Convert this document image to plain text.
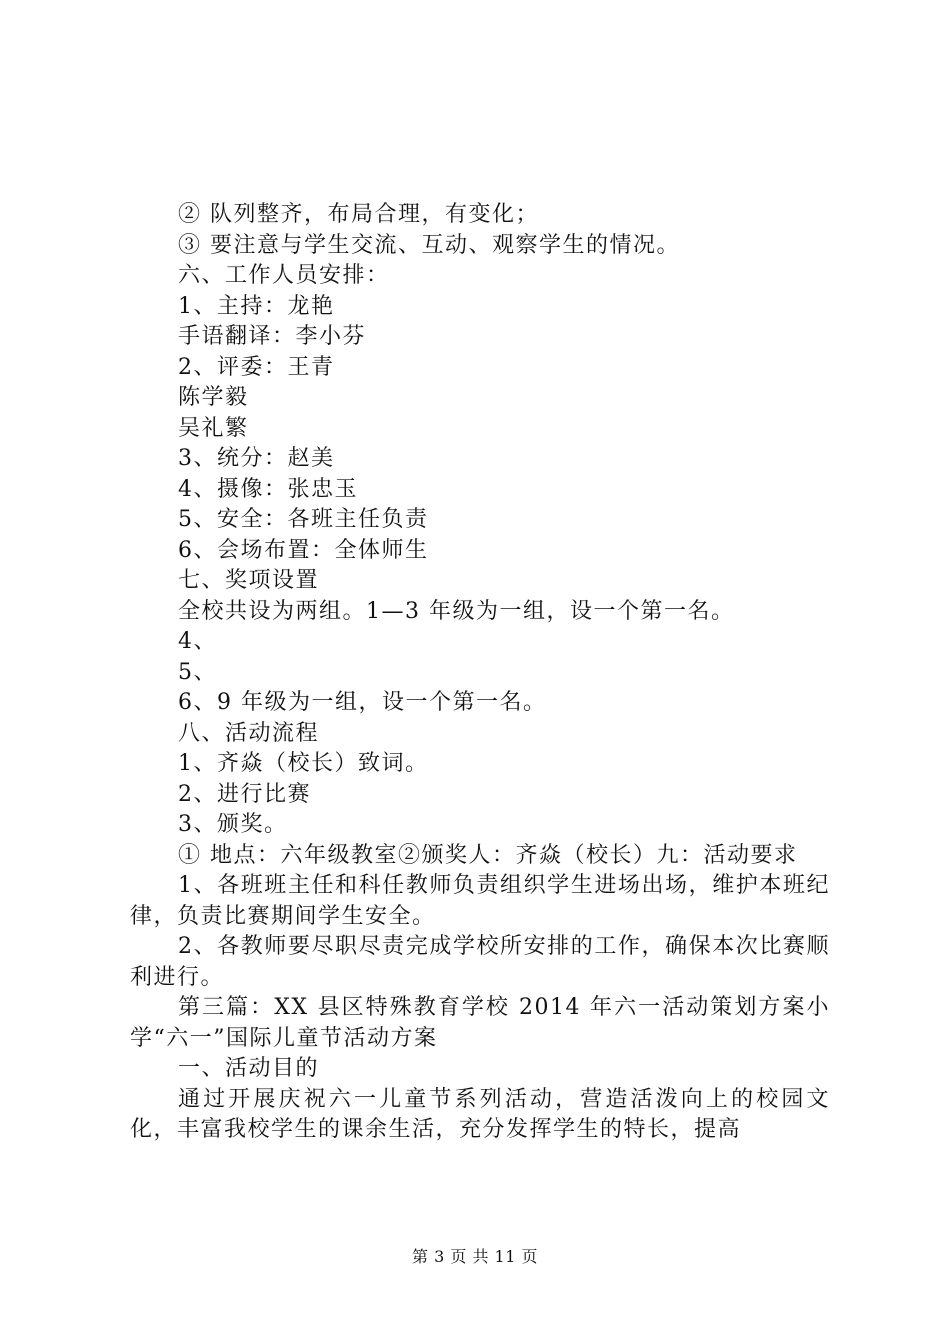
② 队列整齐，布局合理，有变化；
③ 要注意与学生交流、互动、观察学生的情况。
六、工作人员安排：
1、主持：龙艳
手语翻译：李小芬
2、评委：王青
陈学毅
吴礼繁
3、统分：赵美
4、摄像：张忠玉
5、安全：各班主任负责
6、会场布置：全体师生
七、奖项设置
全校共设为两组。1—3 年级为一组，设一个第一名。
4、
5、
6、9 年级为一组，设一个第一名。
八、活动流程
1、齐焱（校长）致词。
2、进行比赛
3、颁奖。
① 地点：六年级教室②颁奖人：齐焱（校长）九：活动要求
1、各班班主任和科任教师负责组织学生进场出场，维护本班纪律，负责比赛期间学生安全。
2、各教师要尽职尽责完成学校所安排的工作，确保本次比赛顺利进行。
第三篇：XX 县区特殊教育学校 2014 年六一活动策划方案小学“六一”国际儿童节活动方案
一、活动目的
通过开展庆祝六一儿童节系列活动，营造活泼向上的校园文化，丰富我校学生的课余生活，充分发挥学生的特长，提高
第 3 页 共 11 页
